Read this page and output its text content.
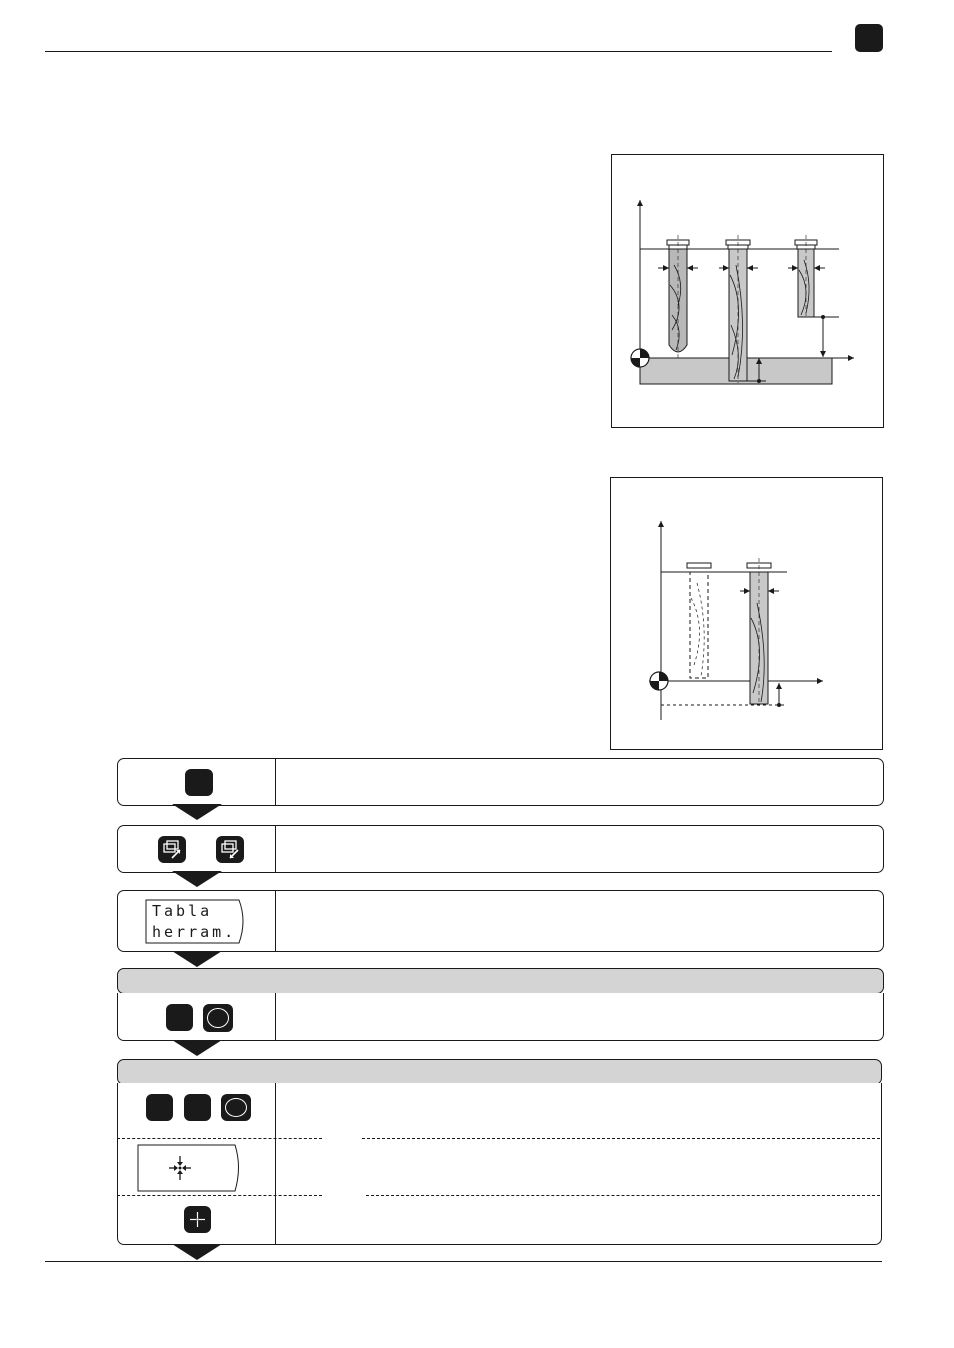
Tabla
herram.
